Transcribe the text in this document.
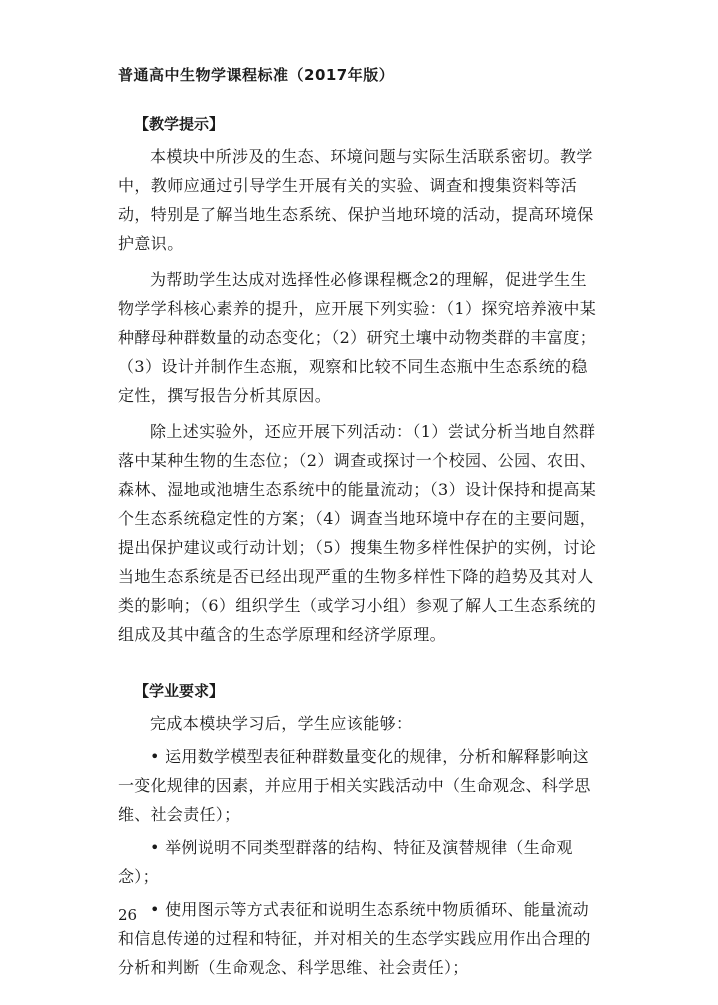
普通高中生物学课程标准（2017年版）
【教学提示】

本模块中所涉及的生态、环境问题与实际生活联系密切。教学中，教师应通过引导学生开展有关的实验、调查和搜集资料等活动，特别是了解当地生态系统、保护当地环境的活动，提高环境保护意识。

为帮助学生达成对选择性必修课程概念2的理解，促进学生生物学学科核心素养的提升，应开展下列实验：（1）探究培养液中某种酵母种群数量的动态变化；（2）研究土壤中动物类群的丰富度；（3）设计并制作生态瓶，观察和比较不同生态瓶中生态系统的稳定性，撰写报告分析其原因。

除上述实验外，还应开展下列活动：（1）尝试分析当地自然群落中某种生物的生态位；（2）调查或探讨一个校园、公园、农田、森林、湿地或池塘生态系统中的能量流动；（3）设计保持和提高某个生态系统稳定性的方案；（4）调查当地环境中存在的主要问题，提出保护建议或行动计划；（5）搜集生物多样性保护的实例，讨论当地生态系统是否已经出现严重的生物多样性下降的趋势及其对人类的影响；（6）组织学生（或学习小组）参观了解人工生态系统的组成及其中蕴含的生态学原理和经济学原理。

【学业要求】

完成本模块学习后，学生应该能够：

• 运用数学模型表征种群数量变化的规律，分析和解释影响这一变化规律的因素，并应用于相关实践活动中（生命观念、科学思维、社会责任）；

• 举例说明不同类型群落的结构、特征及演替规律（生命观念）；

• 使用图示等方式表征和说明生态系统中物质循环、能量流动和信息传递的过程和特征，并对相关的生态学实践应用作出合理的分析和判断（生命观念、科学思维、社会责任）；

26
